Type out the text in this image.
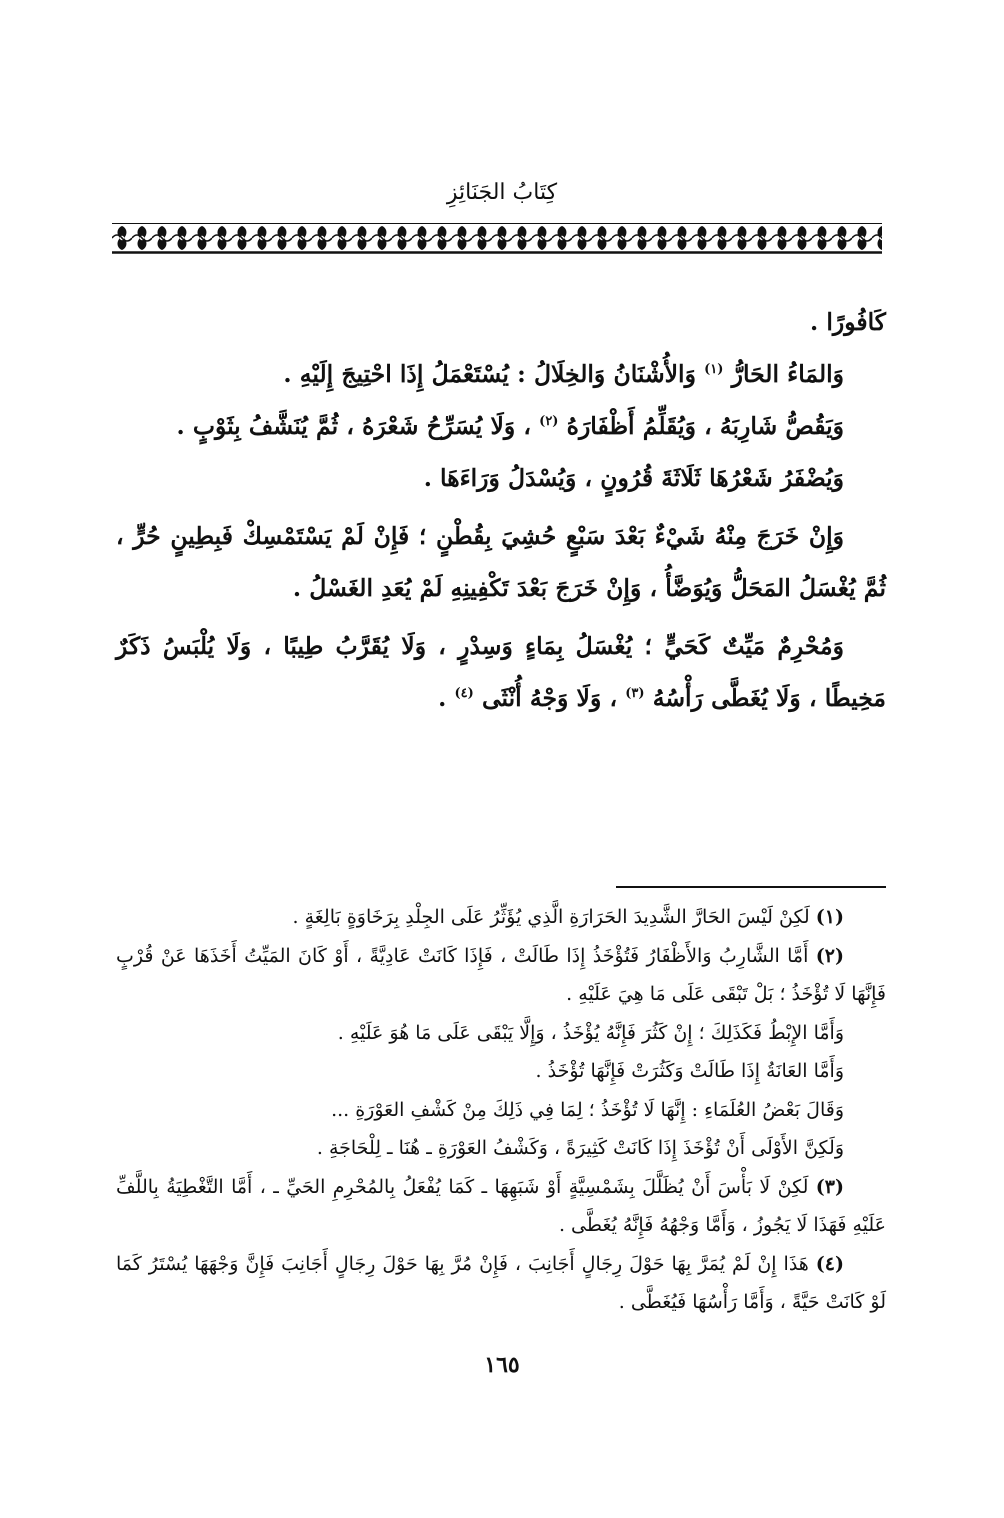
كِتَابُ الجَنَائِزِ

كَافُورًا .

وَالمَاءُ الحَارُّ $^{(١)}$ وَالأُشْنَانُ وَالخِلَالُ : يُسْتَعْمَلُ إِذَا احْتِيجَ إِلَيْهِ .

وَيَقُصُّ شَارِبَهُ ، وَيُقَلِّمُ أَظْفَارَهُ $^{(٢)}$ ، وَلَا يُسَرِّحُ شَعْرَهُ ، ثُمَّ يُنَشَّفُ بِثَوْبٍ .

وَيُضْفَرُ شَعْرُهَا ثَلَاثَةَ قُرُونٍ ، وَيُسْدَلُ وَرَاءَهَا .

وَإِنْ خَرَجَ مِنْهُ شَيْءٌ بَعْدَ سَبْعٍ حُشِيَ بِقُطْنٍ ؛ فَإِنْ لَمْ يَسْتَمْسِكْ فَبِطِينٍ حُرٍّ ، ثُمَّ يُغْسَلُ المَحَلُّ وَيُوَضَّأُ ، وَإِنْ خَرَجَ بَعْدَ تَكْفِينِهِ لَمْ يُعَدِ الغَسْلُ .

وَمُحْرِمٌ مَيِّتٌ كَحَيٍّ ؛ يُغْسَلُ بِمَاءٍ وَسِدْرٍ ، وَلَا يُقَرَّبُ طِيبًا ، وَلَا يُلْبَسُ ذَكَرٌ مَخِيطًا ، وَلَا يُغَطَّى رَأْسُهُ $^{(٣)}$ ، وَلَا وَجْهُ أُنْثَى $^{(٤)}$ .

(١) لَكِنْ لَيْسَ الحَارَّ الشَّدِيدَ الحَرَارَةِ الَّذِي يُؤَثِّرُ عَلَى الجِلْدِ بِرَخَاوَةٍ بَالِغَةٍ .

(٢) أَمَّا الشَّارِبُ وَالأَظْفَارُ فَتُؤْخَذُ إِذَا طَالَتْ ، فَإِذَا كَانَتْ عَادِيَّةً ، أَوْ كَانَ المَيِّتُ أَخَذَهَا عَنْ قُرْبٍ فَإِنَّهَا لَا تُؤْخَذُ ؛ بَلْ تَبْقَى عَلَى مَا هِيَ عَلَيْهِ .

وَأَمَّا الإِبْطُ فَكَذَلِكَ ؛ إِنْ كَثُرَ فَإِنَّهُ يُؤْخَذُ ، وَإِلَّا يَبْقَى عَلَى مَا هُوَ عَلَيْهِ .

وَأَمَّا العَانَةُ إِذَا طَالَتْ وَكَثُرَتْ فَإِنَّهَا تُؤْخَذُ .

وَقَالَ بَعْضُ العُلَمَاءِ : إِنَّهَا لَا تُؤْخَذُ ؛ لِمَا فِي ذَلِكَ مِنْ كَشْفِ العَوْرَةِ ...

وَلَكِنَّ الأَوْلَى أَنْ تُؤْخَذَ إِذَا كَانَتْ كَثِيرَةً ، وَكَشْفُ العَوْرَةِ ـ هُنَا ـ لِلْحَاجَةِ .

(٣) لَكِنْ لَا بَأْسَ أَنْ يُظَلَّلَ بِشَمْسِيَّةٍ أَوْ شَبَهِهَا ـ كَمَا يُفْعَلُ بِالمُحْرِمِ الحَيِّ ـ ، أَمَّا التَّغْطِيَةُ بِاللَّفِّ عَلَيْهِ فَهَذَا لَا يَجُوزُ ، وَأَمَّا وَجْهُهُ فَإِنَّهُ يُغَطَّى .

(٤) هَذَا إِنْ لَمْ يُمَرَّ بِهَا حَوْلَ رِجَالٍ أَجَانِبَ ، فَإِنْ مُرَّ بِهَا حَوْلَ رِجَالٍ أَجَانِبَ فَإِنَّ وَجْهَهَا يُسْتَرُ كَمَا لَوْ كَانَتْ حَيَّةً ، وَأَمَّا رَأْسُهَا فَيُغَطَّى .

١٦٥
